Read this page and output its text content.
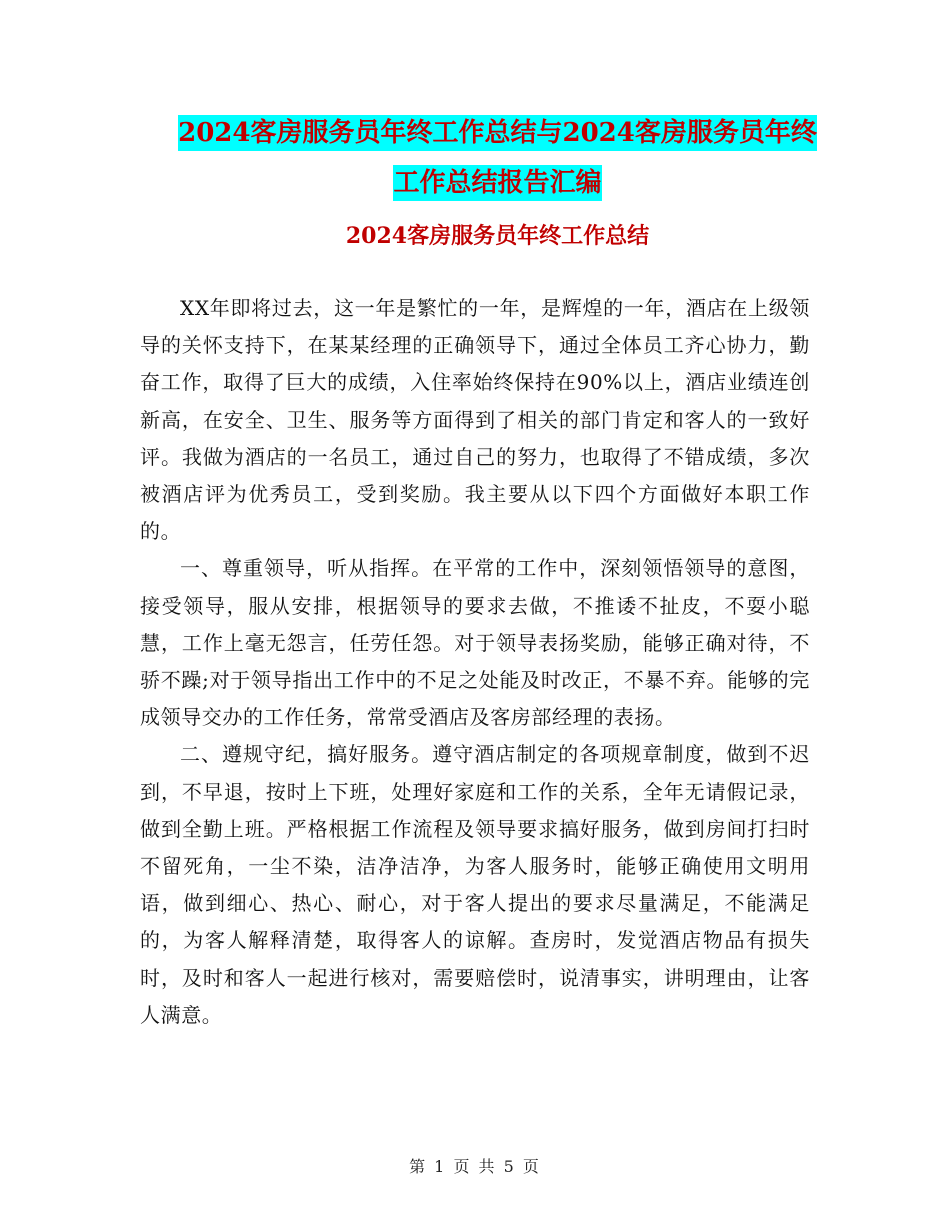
2024客房服务员年终工作总结与2024客房服务员年终
工作总结报告汇编
2024客房服务员年终工作总结

XX年即将过去，这一年是繁忙的一年，是辉煌的一年，酒店在上级领导的关怀支持下，在某某经理的正确领导下，通过全体员工齐心协力，勤奋工作，取得了巨大的成绩，入住率始终保持在90%以上，酒店业绩连创新高，在安全、卫生、服务等方面得到了相关的部门肯定和客人的一致好评。我做为酒店的一名员工，通过自己的努力，也取得了不错成绩，多次被酒店评为优秀员工，受到奖励。我主要从以下四个方面做好本职工作的。

一、尊重领导，听从指挥。在平常的工作中，深刻领悟领导的意图，接受领导，服从安排，根据领导的要求去做，不推诿不扯皮，不耍小聪慧，工作上毫无怨言，任劳任怨。对于领导表扬奖励，能够正确对待，不骄不躁;对于领导指出工作中的不足之处能及时改正，不暴不弃。能够的完成领导交办的工作任务，常常受酒店及客房部经理的表扬。

二、遵规守纪，搞好服务。遵守酒店制定的各项规章制度，做到不迟到，不早退，按时上下班，处理好家庭和工作的关系，全年无请假记录，做到全勤上班。严格根据工作流程及领导要求搞好服务，做到房间打扫时不留死角，一尘不染，洁净洁净，为客人服务时，能够正确使用文明用语，做到细心、热心、耐心，对于客人提出的要求尽量满足，不能满足的，为客人解释清楚，取得客人的谅解。查房时，发觉酒店物品有损失时，及时和客人一起进行核对，需要赔偿时，说清事实，讲明理由，让客人满意。

第 1 页 共 5 页
